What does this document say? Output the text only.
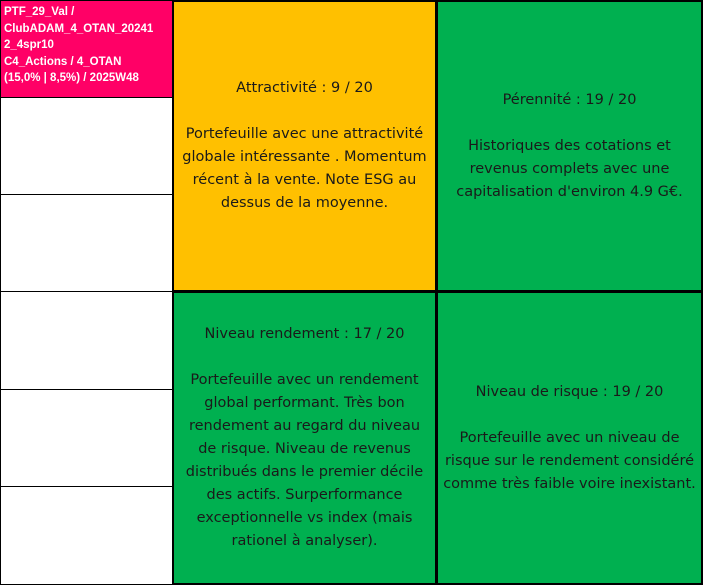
PTF_29_Val /
ClubADAM_4_OTAN_20241
2_4spr10
C4_Actions / 4_OTAN
(15,0% | 8,5%) / 2025W48
Attractivité : 9 / 20
Portefeuille avec une attractivité globale intéressante . Momentum récent à la vente. Note ESG au dessus de la moyenne.
Pérennité : 19 / 20
Historiques des cotations et revenus complets avec une capitalisation d'environ 4.9 G€.
Niveau rendement : 17 / 20
Portefeuille avec un rendement global performant. Très bon rendement au regard du niveau de risque. Niveau de revenus distribués dans le premier décile des actifs. Surperformance exceptionnelle vs index (mais rationel à analyser).
Niveau de risque : 19 / 20
Portefeuille avec un niveau de risque sur le rendement considéré comme très faible voire inexistant.
